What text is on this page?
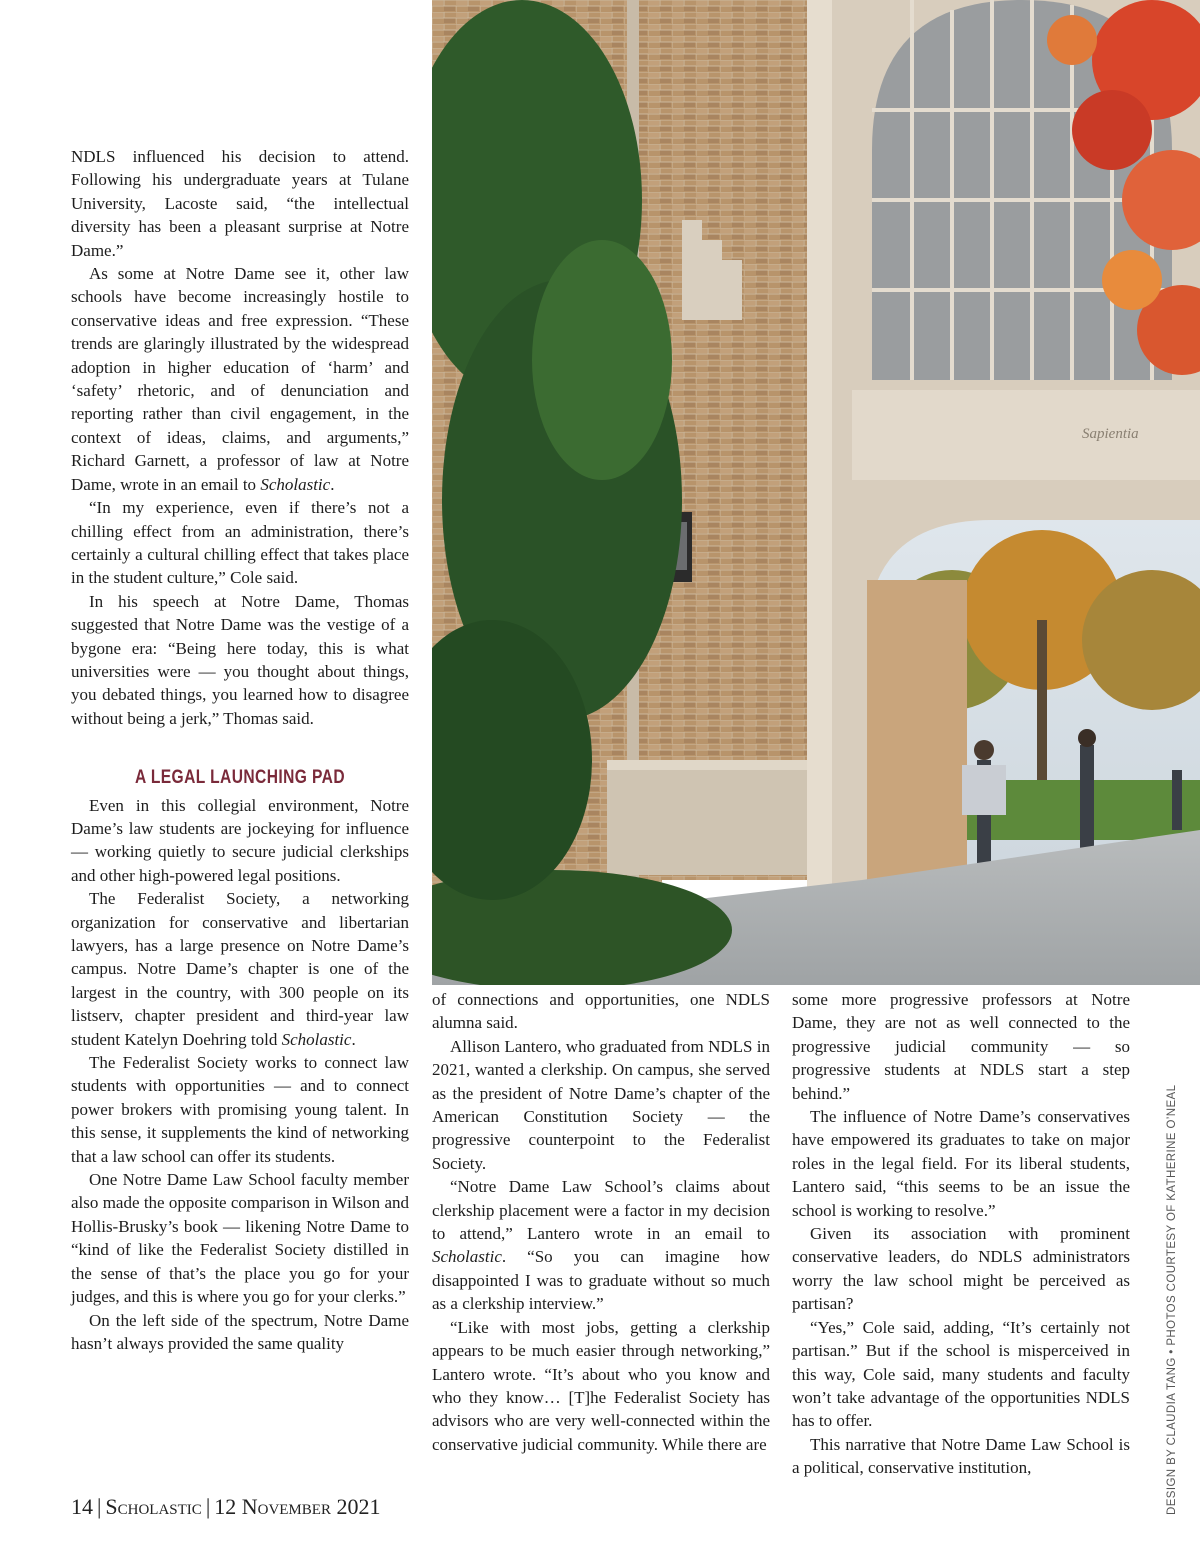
NDLS influenced his decision to attend. Following his undergraduate years at Tulane University, Lacoste said, “the intellectual diversity has been a pleasant surprise at Notre Dame.”

As some at Notre Dame see it, other law schools have become increasingly hostile to conservative ideas and free expression. “These trends are glaringly illustrated by the widespread adoption in higher education of ‘harm’ and ‘safety’ rhetoric, and of denunciation and reporting rather than civil engagement, in the context of ideas, claims, and arguments,” Richard Garnett, a professor of law at Notre Dame, wrote in an email to Scholastic.

“In my experience, even if there’s not a chilling effect from an administration, there’s certainly a cultural chilling effect that takes place in the student culture,” Cole said.

In his speech at Notre Dame, Thomas suggested that Notre Dame was the vestige of a bygone era: “Being here today, this is what universities were — you thought about things, you debated things, you learned how to disagree without being a jerk,” Thomas said.

A LEGAL LAUNCHING PAD

Even in this collegial environment, Notre Dame’s law students are jockeying for influence — working quietly to secure judicial clerkships and other high-powered legal positions.

The Federalist Society, a networking organization for conservative and libertarian lawyers, has a large presence on Notre Dame’s campus. Notre Dame’s chapter is one of the largest in the country, with 300 people on its listserv, chapter president and third-year law student Katelyn Doehring told Scholastic.

The Federalist Society works to connect law students with opportunities — and to connect power brokers with promising young talent. In this sense, it supplements the kind of networking that a law school can offer its students.

One Notre Dame Law School faculty member also made the opposite comparison in Wilson and Hollis-Brusky’s book — likening Notre Dame to “kind of like the Federalist Society distilled in the sense of that’s the place you go for your judges, and this is where you go for your clerks.”

On the left side of the spectrum, Notre Dame hasn’t always provided the same quality

Sapientia

of connections and opportunities, one NDLS alumna said.

Allison Lantero, who graduated from NDLS in 2021, wanted a clerkship. On campus, she served as the president of Notre Dame’s chapter of the American Constitution Society — the progressive counterpoint to the Federalist Society.

“Notre Dame Law School’s claims about clerkship placement were a factor in my decision to attend,” Lantero wrote in an email to Scholastic. “So you can imagine how disappointed I was to graduate without so much as a clerkship interview.”

“Like with most jobs, getting a clerkship appears to be much easier through networking,” Lantero wrote. “It’s about who you know and who they know… [T]he Federalist Society has advisors who are very well-connected within the conservative judicial community. While there are

some more progressive professors at Notre Dame, they are not as well connected to the progressive judicial community — so progressive students at NDLS start a step behind.”

The influence of Notre Dame’s conservatives have empowered its graduates to take on major roles in the legal field. For its liberal students, Lantero said, “this seems to be an issue the school is working to resolve.”

Given its association with prominent conservative leaders, do NDLS administrators worry the law school might be perceived as partisan?

“Yes,” Cole said, adding, “It’s certainly not partisan.” But if the school is misperceived in this way, Cole said, many students and faculty won’t take advantage of the opportunities NDLS has to offer.

This narrative that Notre Dame Law School is a political, conservative institution,

14 | Scholastic | 12 November 2021	DESIGN BY CLAUDIA TANG • PHOTOS COURTESY OF KATHERINE O’NEAL
